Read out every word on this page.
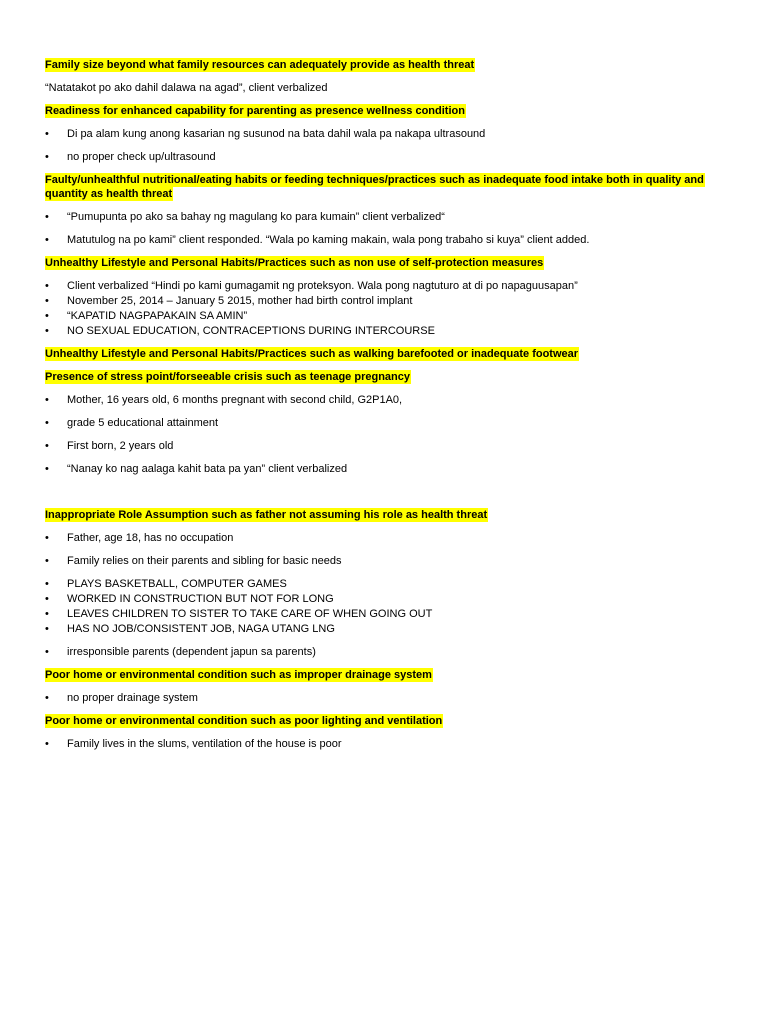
Family size beyond what family resources can adequately provide as health threat

“Natatakot po ako dahil dalawa na agad”, client verbalized

Readiness for enhanced capability for parenting as presence wellness condition

• Di pa alam kung anong kasarian ng susunod na bata dahil wala pa nakapa ultrasound
• no proper check up/ultrasound

Faulty/unhealthful nutritional/eating habits or feeding techniques/practices such as inadequate food intake both in quality and quantity as health threat

• “Pumupunta po ako sa bahay ng magulang ko para kumain” client verbalized“
• Matutulog na po kami” client responded. “Wala po kaming makain, wala pong trabaho si kuya” client added.

Unhealthy Lifestyle and Personal Habits/Practices such as non use of self-protection measures

• Client verbalized “Hindi po kami gumagamit ng proteksyon. Wala pong nagtuturo at di po napaguusapan”
• November 25, 2014 – January 5 2015, mother had birth control implant
• “KAPATID NAGPAPAKAIN SA AMIN”
• NO SEXUAL EDUCATION, CONTRACEPTIONS DURING INTERCOURSE

Unhealthy Lifestyle and Personal Habits/Practices such as walking barefooted or inadequate footwear

Presence of stress point/forseeable crisis such as teenage pregnancy

• Mother, 16 years old, 6 months pregnant with second child, G2P1A0,
• grade 5 educational attainment
• First born, 2 years old
• “Nanay ko nag aalaga kahit bata pa yan” client verbalized

Inappropriate Role Assumption such as father not assuming his role as health threat

• Father, age 18, has no occupation
• Family relies on their parents and sibling for basic needs
• PLAYS BASKETBALL, COMPUTER GAMES
• WORKED IN CONSTRUCTION BUT NOT FOR LONG
• LEAVES CHILDREN TO SISTER TO TAKE CARE OF WHEN GOING OUT
• HAS NO JOB/CONSISTENT JOB, NAGA UTANG LNG
• irresponsible parents (dependent japun sa parents)

Poor home or environmental condition such as improper drainage system

• no proper drainage system

Poor home or environmental condition such as poor lighting and ventilation

• Family lives in the slums, ventilation of the house is poor
